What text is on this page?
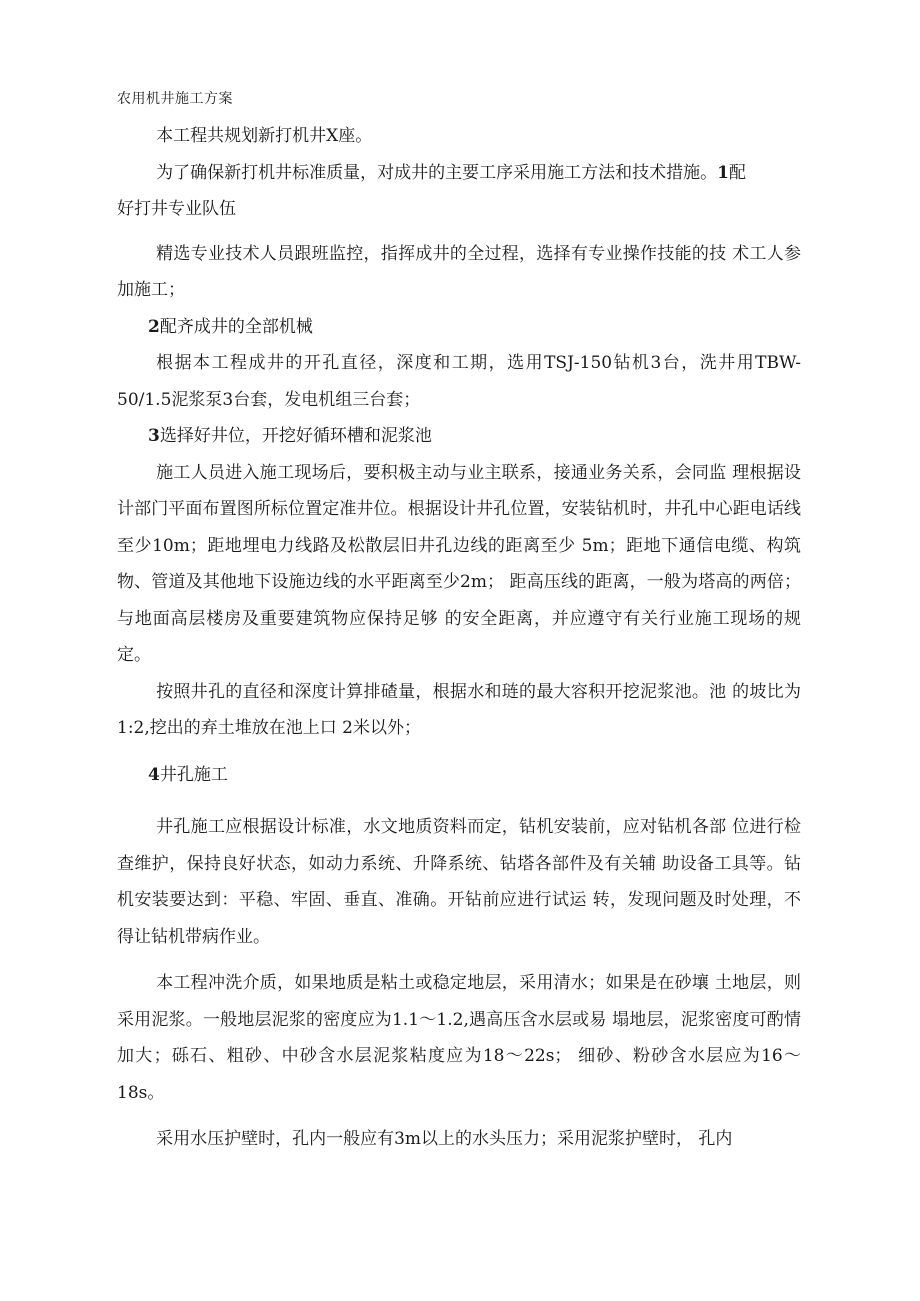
农用机井施工方案

本工程共规划新打机井X座。

为了确保新打机井标准质量，对成井的主要工序采用施工方法和技术措施。1配
好打井专业队伍

精选专业技术人员跟班监控，指挥成井的全过程，选择有专业操作技能的技 术工人参加施工；

2配齐成井的全部机械

根据本工程成井的开孔直径，深度和工期，选用TSJ-150钻机3台，洗井用TBW-50/1.5泥浆泵3台套，发电机组三台套；

3选择好井位，开挖好循环槽和泥浆池

施工人员进入施工现场后，要积极主动与业主联系，接通业务关系，会同监 理根据设计部门平面布置图所标位置定准井位。根据设计井孔位置，安装钻机时，井孔中心距电话线至少10m；距地埋电力线路及松散层旧井孔边线的距离至少 5m；距地下通信电缆、构筑物、管道及其他地下设施边线的水平距离至少2m； 距高压线的距离，一般为塔高的两倍；与地面高层楼房及重要建筑物应保持足够 的安全距离，并应遵守有关行业施工现场的规定。

按照井孔的直径和深度计算排碴量，根据水和琏的最大容积开挖泥浆池。池 的坡比为1:2,挖出的弃土堆放在池上口 2米以外；

4井孔施工

井孔施工应根据设计标准，水文地质资料而定，钻机安装前，应对钻机各部 位进行检查维护，保持良好状态，如动力系统、升降系统、钻塔各部件及有关辅 助设备工具等。钻机安装要达到：平稳、牢固、垂直、准确。开钻前应进行试运 转，发现问题及时处理，不得让钻机带病作业。

本工程冲洗介质，如果地质是粘土或稳定地层，采用清水；如果是在砂壤 土地层，则采用泥浆。一般地层泥浆的密度应为1.1～1.2,遇高压含水层或易 塌地层，泥浆密度可酌情加大；砾石、粗砂、中砂含水层泥浆粘度应为18～22s； 细砂、粉砂含水层应为16～18s。

采用水压护壁时，孔内一般应有3m以上的水头压力；采用泥浆护壁时， 孔内
